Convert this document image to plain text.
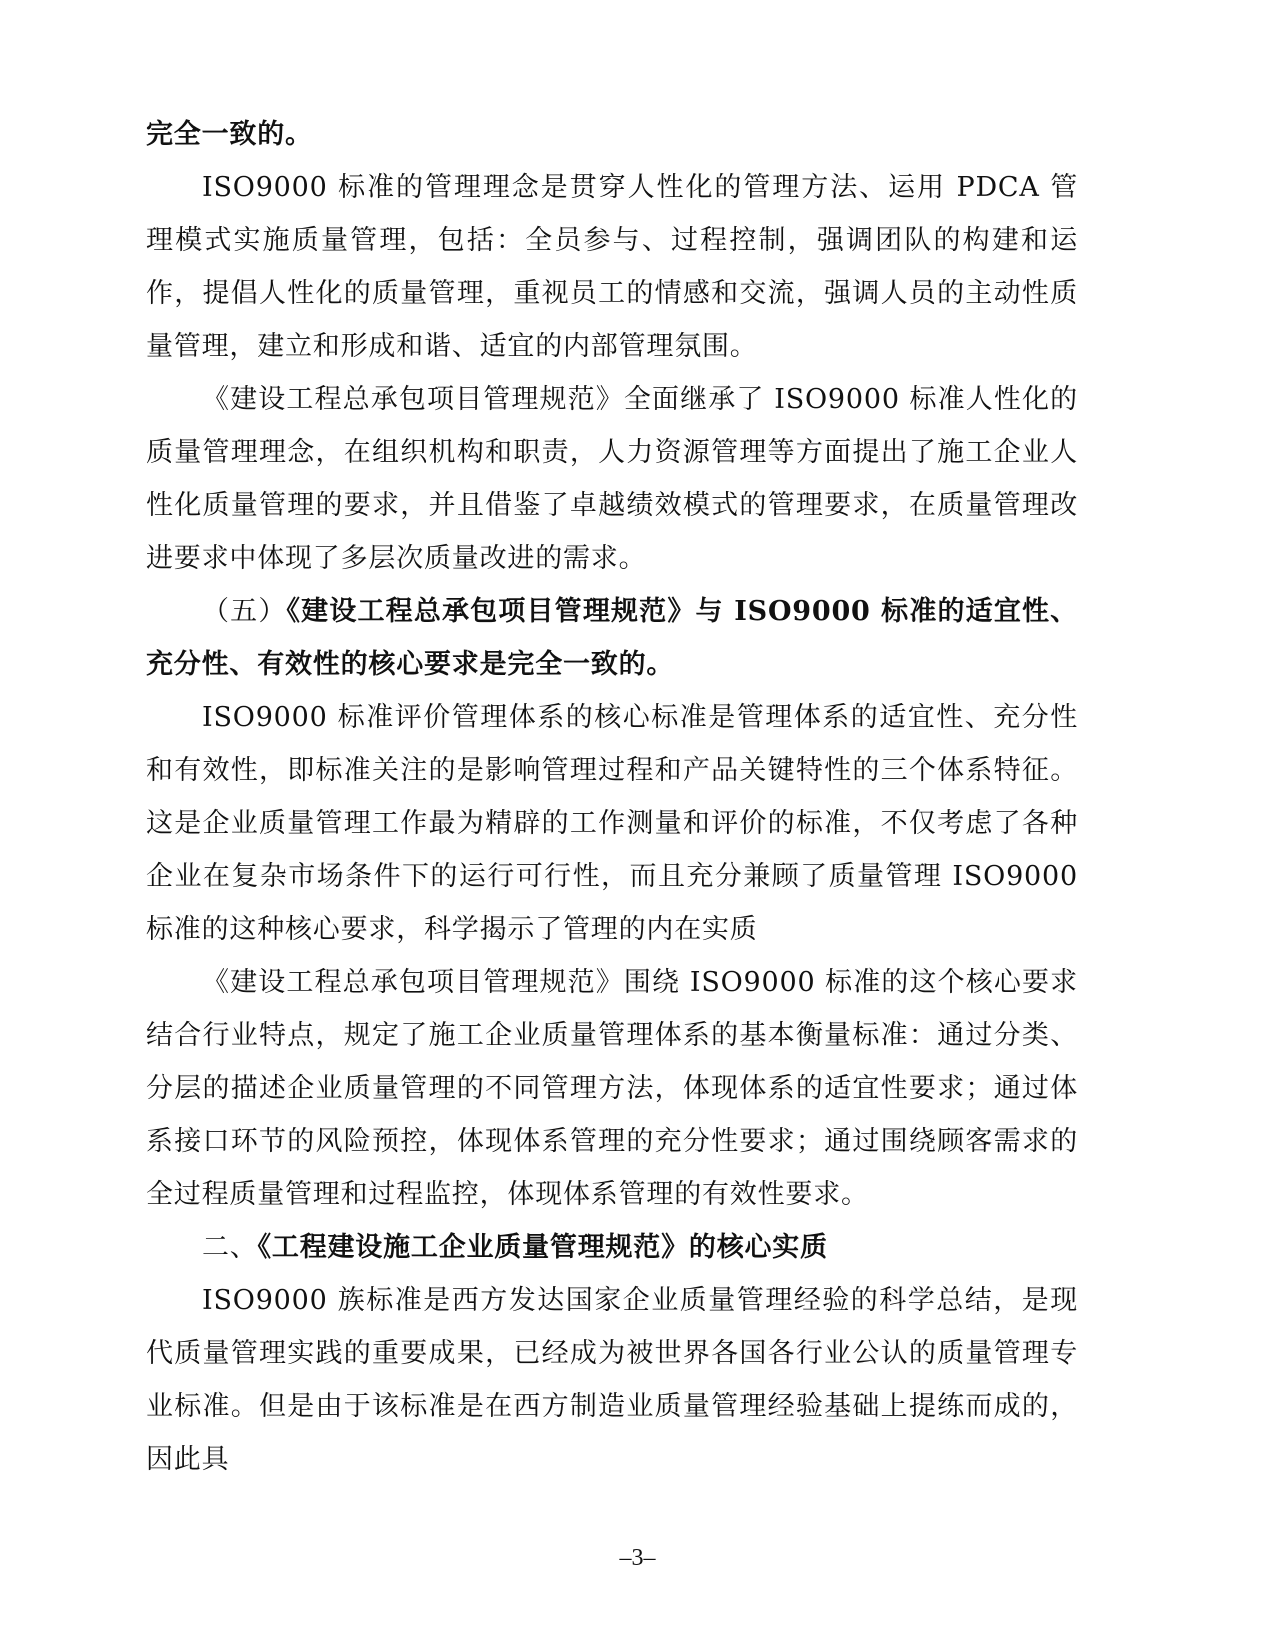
完全一致的。

ISO9000 标准的管理理念是贯穿人性化的管理方法、运用 PDCA 管理模式实施质量管理，包括：全员参与、过程控制，强调团队的构建和运作，提倡人性化的质量管理，重视员工的情感和交流，强调人员的主动性质量管理，建立和形成和谐、适宜的内部管理氛围。

《建设工程总承包项目管理规范》全面继承了 ISO9000 标准人性化的质量管理理念，在组织机构和职责，人力资源管理等方面提出了施工企业人性化质量管理的要求，并且借鉴了卓越绩效模式的管理要求，在质量管理改进要求中体现了多层次质量改进的需求。

（五）《建设工程总承包项目管理规范》与 ISO9000 标准的适宜性、充分性、有效性的核心要求是完全一致的。

ISO9000 标准评价管理体系的核心标准是管理体系的适宜性、充分性和有效性，即标准关注的是影响管理过程和产品关键特性的三个体系特征。这是企业质量管理工作最为精辟的工作测量和评价的标准，不仅考虑了各种企业在复杂市场条件下的运行可行性，而且充分兼顾了质量管理 ISO9000 标准的这种核心要求，科学揭示了管理的内在实质

《建设工程总承包项目管理规范》围绕 ISO9000 标准的这个核心要求结合行业特点，规定了施工企业质量管理体系的基本衡量标准：通过分类、分层的描述企业质量管理的不同管理方法，体现体系的适宜性要求；通过体系接口环节的风险预控，体现体系管理的充分性要求；通过围绕顾客需求的全过程质量管理和过程监控，体现体系管理的有效性要求。

二、《工程建设施工企业质量管理规范》的核心实质

ISO9000 族标准是西方发达国家企业质量管理经验的科学总结，是现代质量管理实践的重要成果，已经成为被世界各国各行业公认的质量管理专业标准。但是由于该标准是在西方制造业质量管理经验基础上提练而成的，因此具

–3–
